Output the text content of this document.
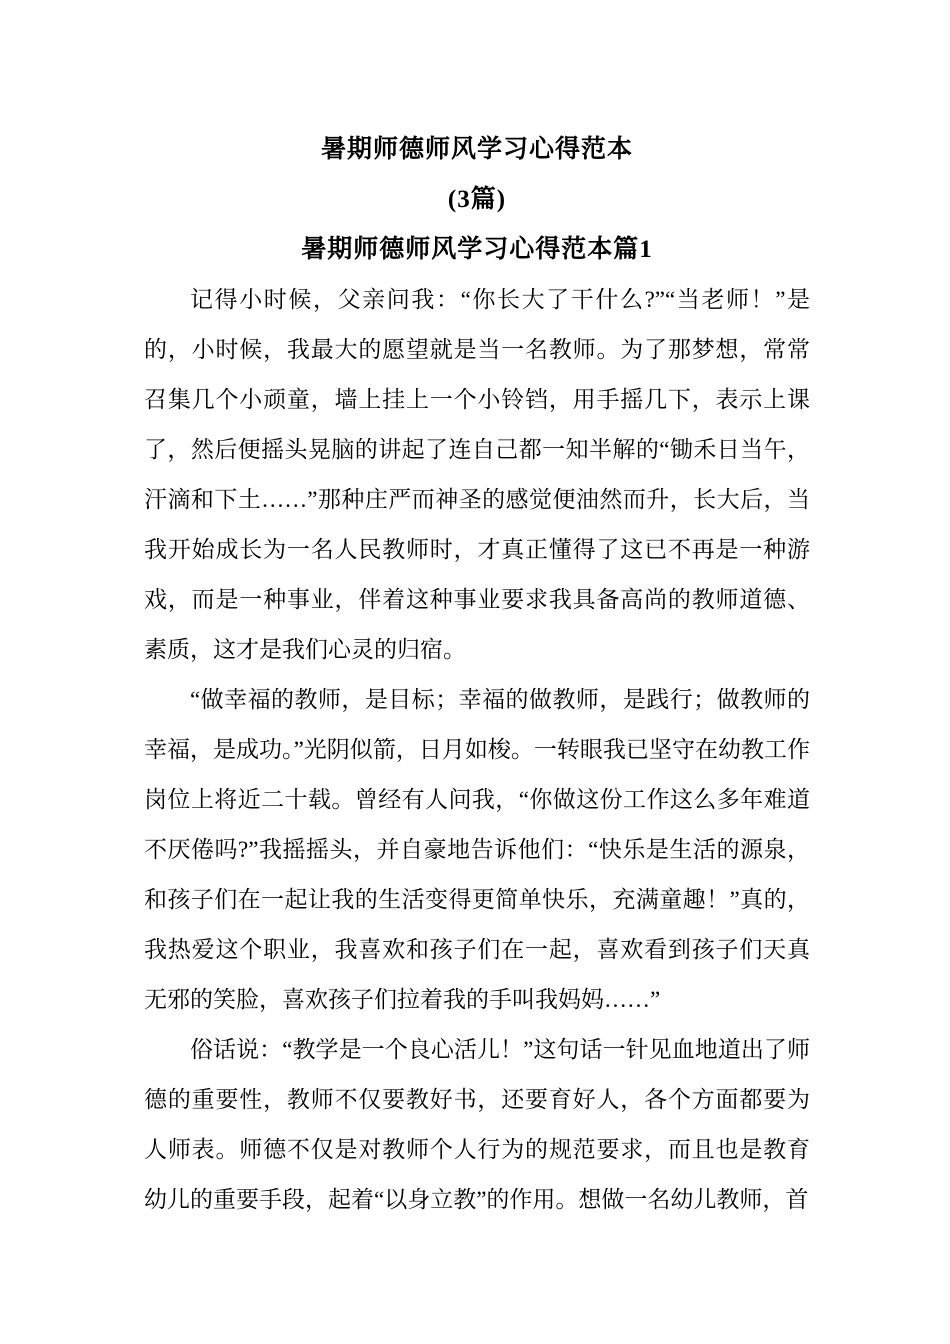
暑期师德师风学习心得范本
(3篇)
暑期师德师风学习心得范本篇1

记得小时候，父亲问我：“你长大了干什么?”“当老师！”是的，小时候，我最大的愿望就是当一名教师。为了那梦想，常常召集几个小顽童，墙上挂上一个小铃铛，用手摇几下，表示上课了，然后便摇头晃脑的讲起了连自己都一知半解的“锄禾日当午，汗滴和下土……”那种庄严而神圣的感觉便油然而升，长大后，当我开始成长为一名人民教师时，才真正懂得了这已不再是一种游戏，而是一种事业，伴着这种事业要求我具备高尚的教师道德、素质，这才是我们心灵的归宿。

“做幸福的教师，是目标；幸福的做教师，是践行；做教师的幸福，是成功。”光阴似箭，日月如梭。一转眼我已坚守在幼教工作岗位上将近二十载。曾经有人问我，“你做这份工作这么多年难道不厌倦吗?”我摇摇头，并自豪地告诉他们：“快乐是生活的源泉，和孩子们在一起让我的生活变得更简单快乐，充满童趣！”真的，我热爱这个职业，我喜欢和孩子们在一起，喜欢看到孩子们天真无邪的笑脸，喜欢孩子们拉着我的手叫我妈妈……”

俗话说：“教学是一个良心活儿！”这句话一针见血地道出了师德的重要性，教师不仅要教好书，还要育好人，各个方面都要为人师表。师德不仅是对教师个人行为的规范要求，而且也是教育幼儿的重要手段，起着“以身立教”的作用。想做一名幼儿教师，首
